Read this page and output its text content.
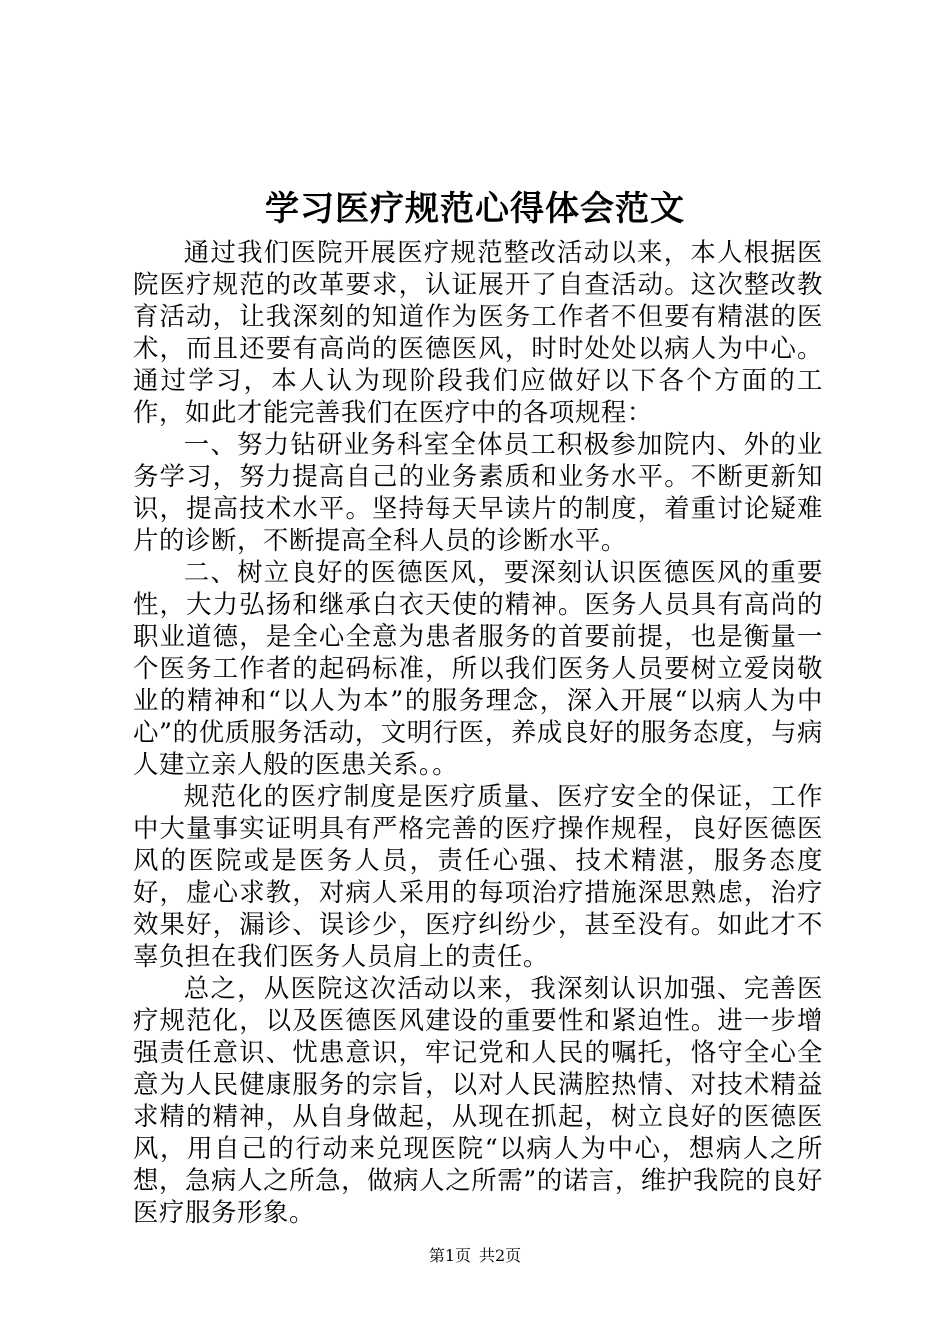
学习医疗规范心得体会范文

通过我们医院开展医疗规范整改活动以来，本人根据医院医疗规范的改革要求，认证展开了自查活动。这次整改教育活动，让我深刻的知道作为医务工作者不但要有精湛的医术，而且还要有高尚的医德医风，时时处处以病人为中心。通过学习，本人认为现阶段我们应做好以下各个方面的工作，如此才能完善我们在医疗中的各项规程：

一、努力钻研业务科室全体员工积极参加院内、外的业务学习，努力提高自己的业务素质和业务水平。不断更新知识，提高技术水平。坚持每天早读片的制度，着重讨论疑难片的诊断，不断提高全科人员的诊断水平。

二、树立良好的医德医风，要深刻认识医德医风的重要性，大力弘扬和继承白衣天使的精神。医务人员具有高尚的职业道德，是全心全意为患者服务的首要前提，也是衡量一个医务工作者的起码标准，所以我们医务人员要树立爱岗敬业的精神和“以人为本”的服务理念，深入开展“以病人为中心”的优质服务活动，文明行医，养成良好的服务态度，与病人建立亲人般的医患关系。。

规范化的医疗制度是医疗质量、医疗安全的保证，工作中大量事实证明具有严格完善的医疗操作规程，良好医德医风的医院或是医务人员，责任心强、技术精湛，服务态度好，虚心求教，对病人采用的每项治疗措施深思熟虑，治疗效果好，漏诊、误诊少，医疗纠纷少，甚至没有。如此才不辜负担在我们医务人员肩上的责任。

总之，从医院这次活动以来，我深刻认识加强、完善医疗规范化，以及医德医风建设的重要性和紧迫性。进一步增强责任意识、忧患意识，牢记党和人民的嘱托，恪守全心全意为人民健康服务的宗旨，以对人民满腔热情、对技术精益求精的精神，从自身做起，从现在抓起，树立良好的医德医风，用自己的行动来兑现医院“以病人为中心，想病人之所想，急病人之所急，做病人之所需”的诺言，维护我院的良好医疗服务形象。

第1页 共2页
